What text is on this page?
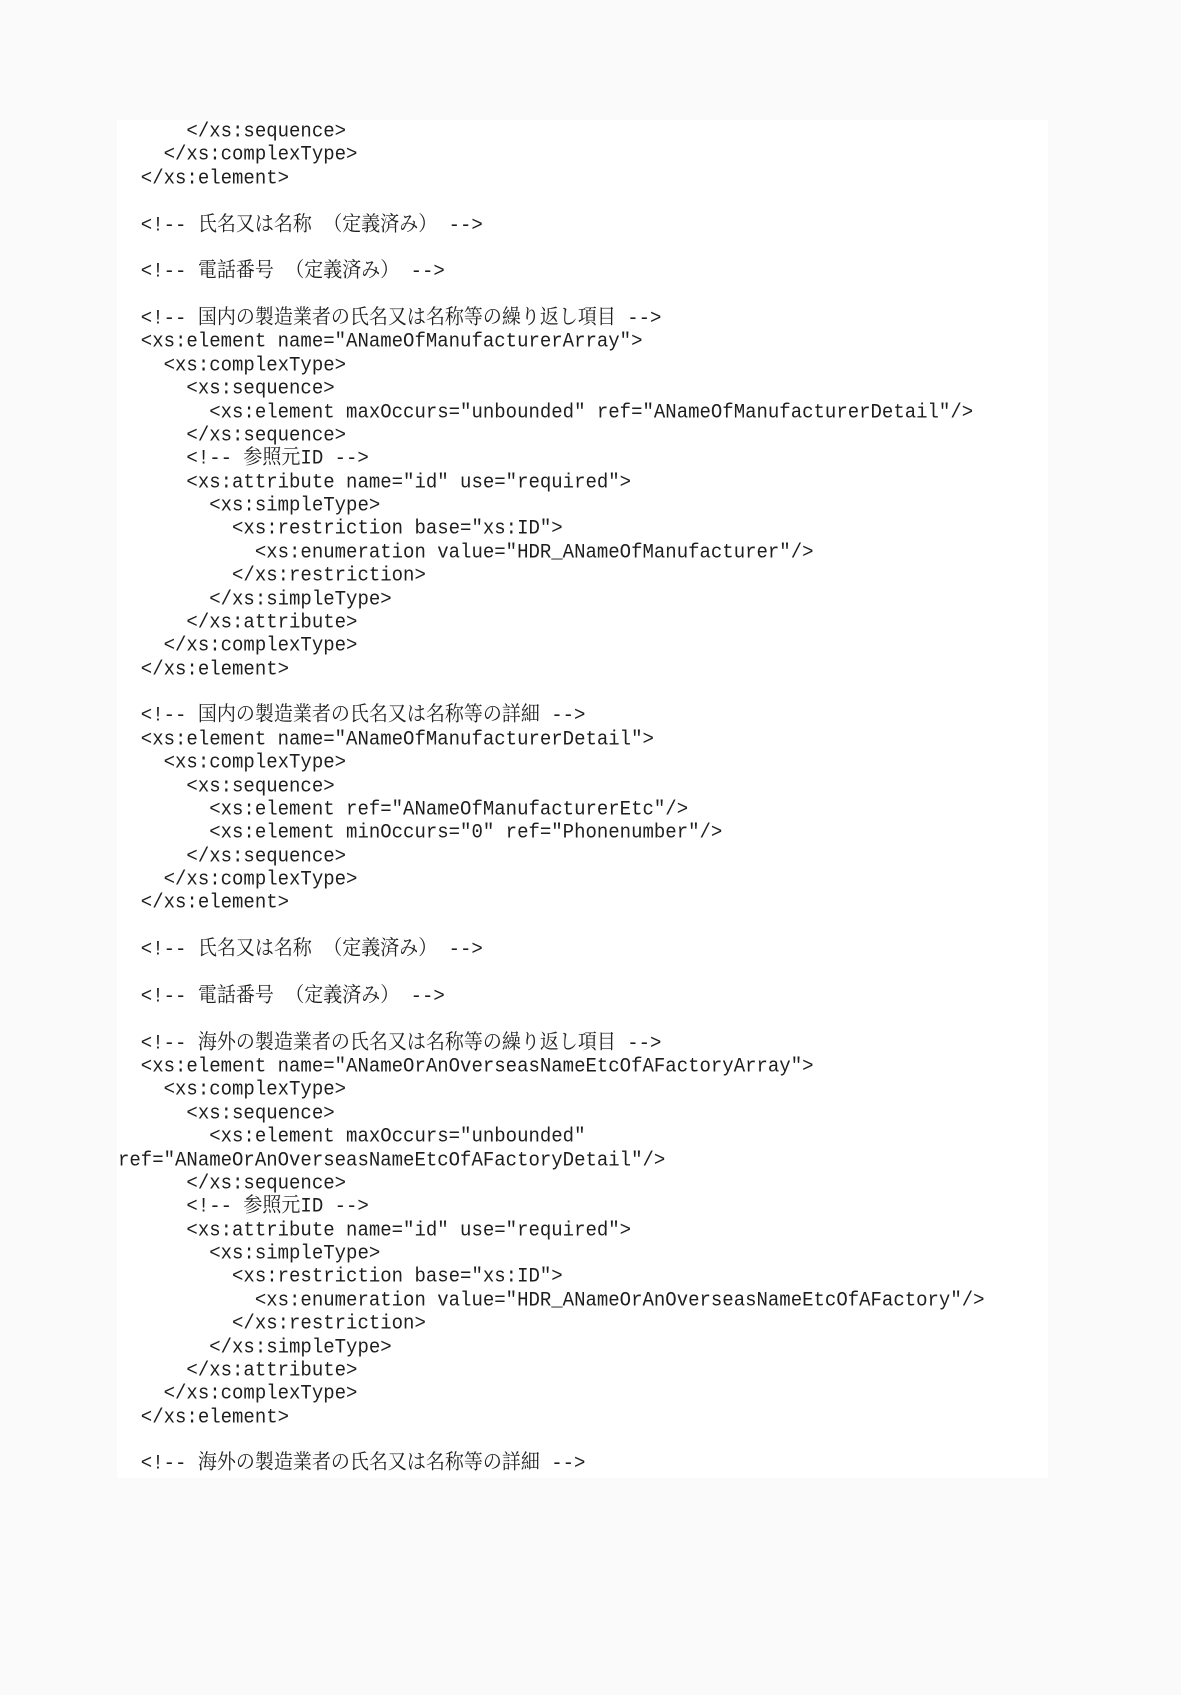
</xs:sequence>
</xs:complexType>
</xs:element>
<!-- 氏名又は名称 （定義済み） -->
<!-- 電話番号 （定義済み） -->
<!-- 国内の製造業者の氏名又は名称等の繰り返し項目 -->
<xs:element name="ANameOfManufacturerArray">
<xs:complexType>
<xs:sequence>
<xs:element maxOccurs="unbounded" ref="ANameOfManufacturerDetail"/>
</xs:sequence>
<!-- 参照元ID -->
<xs:attribute name="id" use="required">
<xs:simpleType>
<xs:restriction base="xs:ID">
<xs:enumeration value="HDR_ANameOfManufacturer"/>
</xs:restriction>
</xs:simpleType>
</xs:attribute>
</xs:complexType>
</xs:element>
<!-- 国内の製造業者の氏名又は名称等の詳細 -->
<xs:element name="ANameOfManufacturerDetail">
<xs:complexType>
<xs:sequence>
<xs:element ref="ANameOfManufacturerEtc"/>
<xs:element minOccurs="0" ref="Phonenumber"/>
</xs:sequence>
</xs:complexType>
</xs:element>
<!-- 氏名又は名称 （定義済み） -->
<!-- 電話番号 （定義済み） -->
<!-- 海外の製造業者の氏名又は名称等の繰り返し項目 -->
<xs:element name="ANameOrAnOverseasNameEtcOfAFactoryArray">
<xs:complexType>
<xs:sequence>
<xs:element maxOccurs="unbounded"
ref="ANameOrAnOverseasNameEtcOfAFactoryDetail"/>
</xs:sequence>
<!-- 参照元ID -->
<xs:attribute name="id" use="required">
<xs:simpleType>
<xs:restriction base="xs:ID">
<xs:enumeration value="HDR_ANameOrAnOverseasNameEtcOfAFactory"/>
</xs:restriction>
</xs:simpleType>
</xs:attribute>
</xs:complexType>
</xs:element>
<!-- 海外の製造業者の氏名又は名称等の詳細 -->
